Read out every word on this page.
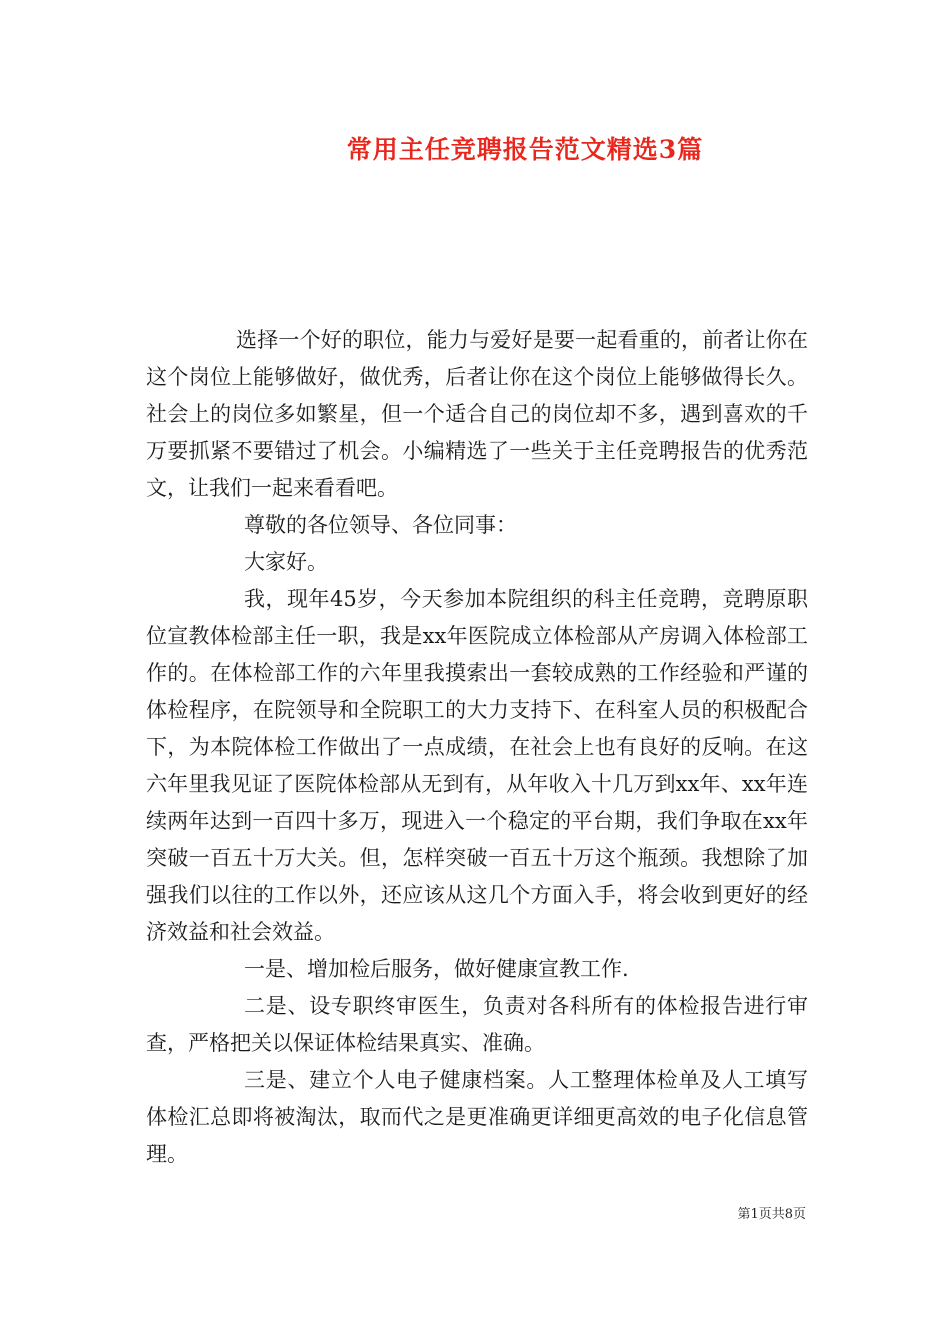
常用主任竞聘报告范文精选3篇

选择一个好的职位，能力与爱好是要一起看重的，前者让你在这个岗位上能够做好，做优秀，后者让你在这个岗位上能够做得长久。社会上的岗位多如繁星，但一个适合自己的岗位却不多，遇到喜欢的千万要抓紧不要错过了机会。小编精选了一些关于主任竞聘报告的优秀范文，让我们一起来看看吧。

尊敬的各位领导、各位同事：

大家好。

我，现年45岁，今天参加本院组织的科主任竞聘，竞聘原职位宣教体检部主任一职，我是xx年医院成立体检部从产房调入体检部工作的。在体检部工作的六年里我摸索出一套较成熟的工作经验和严谨的体检程序，在院领导和全院职工的大力支持下、在科室人员的积极配合下，为本院体检工作做出了一点成绩，在社会上也有良好的反响。在这六年里我见证了医院体检部从无到有，从年收入十几万到xx年、xx年连续两年达到一百四十多万，现进入一个稳定的平台期，我们争取在xx年突破一百五十万大关。但，怎样突破一百五十万这个瓶颈。我想除了加强我们以往的工作以外，还应该从这几个方面入手，将会收到更好的经济效益和社会效益。

一是、增加检后服务，做好健康宣教工作.

二是、设专职终审医生，负责对各科所有的体检报告进行审查，严格把关以保证体检结果真实、准确。

三是、建立个人电子健康档案。人工整理体检单及人工填写体检汇总即将被淘汰，取而代之是更准确更详细更高效的电子化信息管理。

第1页共8页
